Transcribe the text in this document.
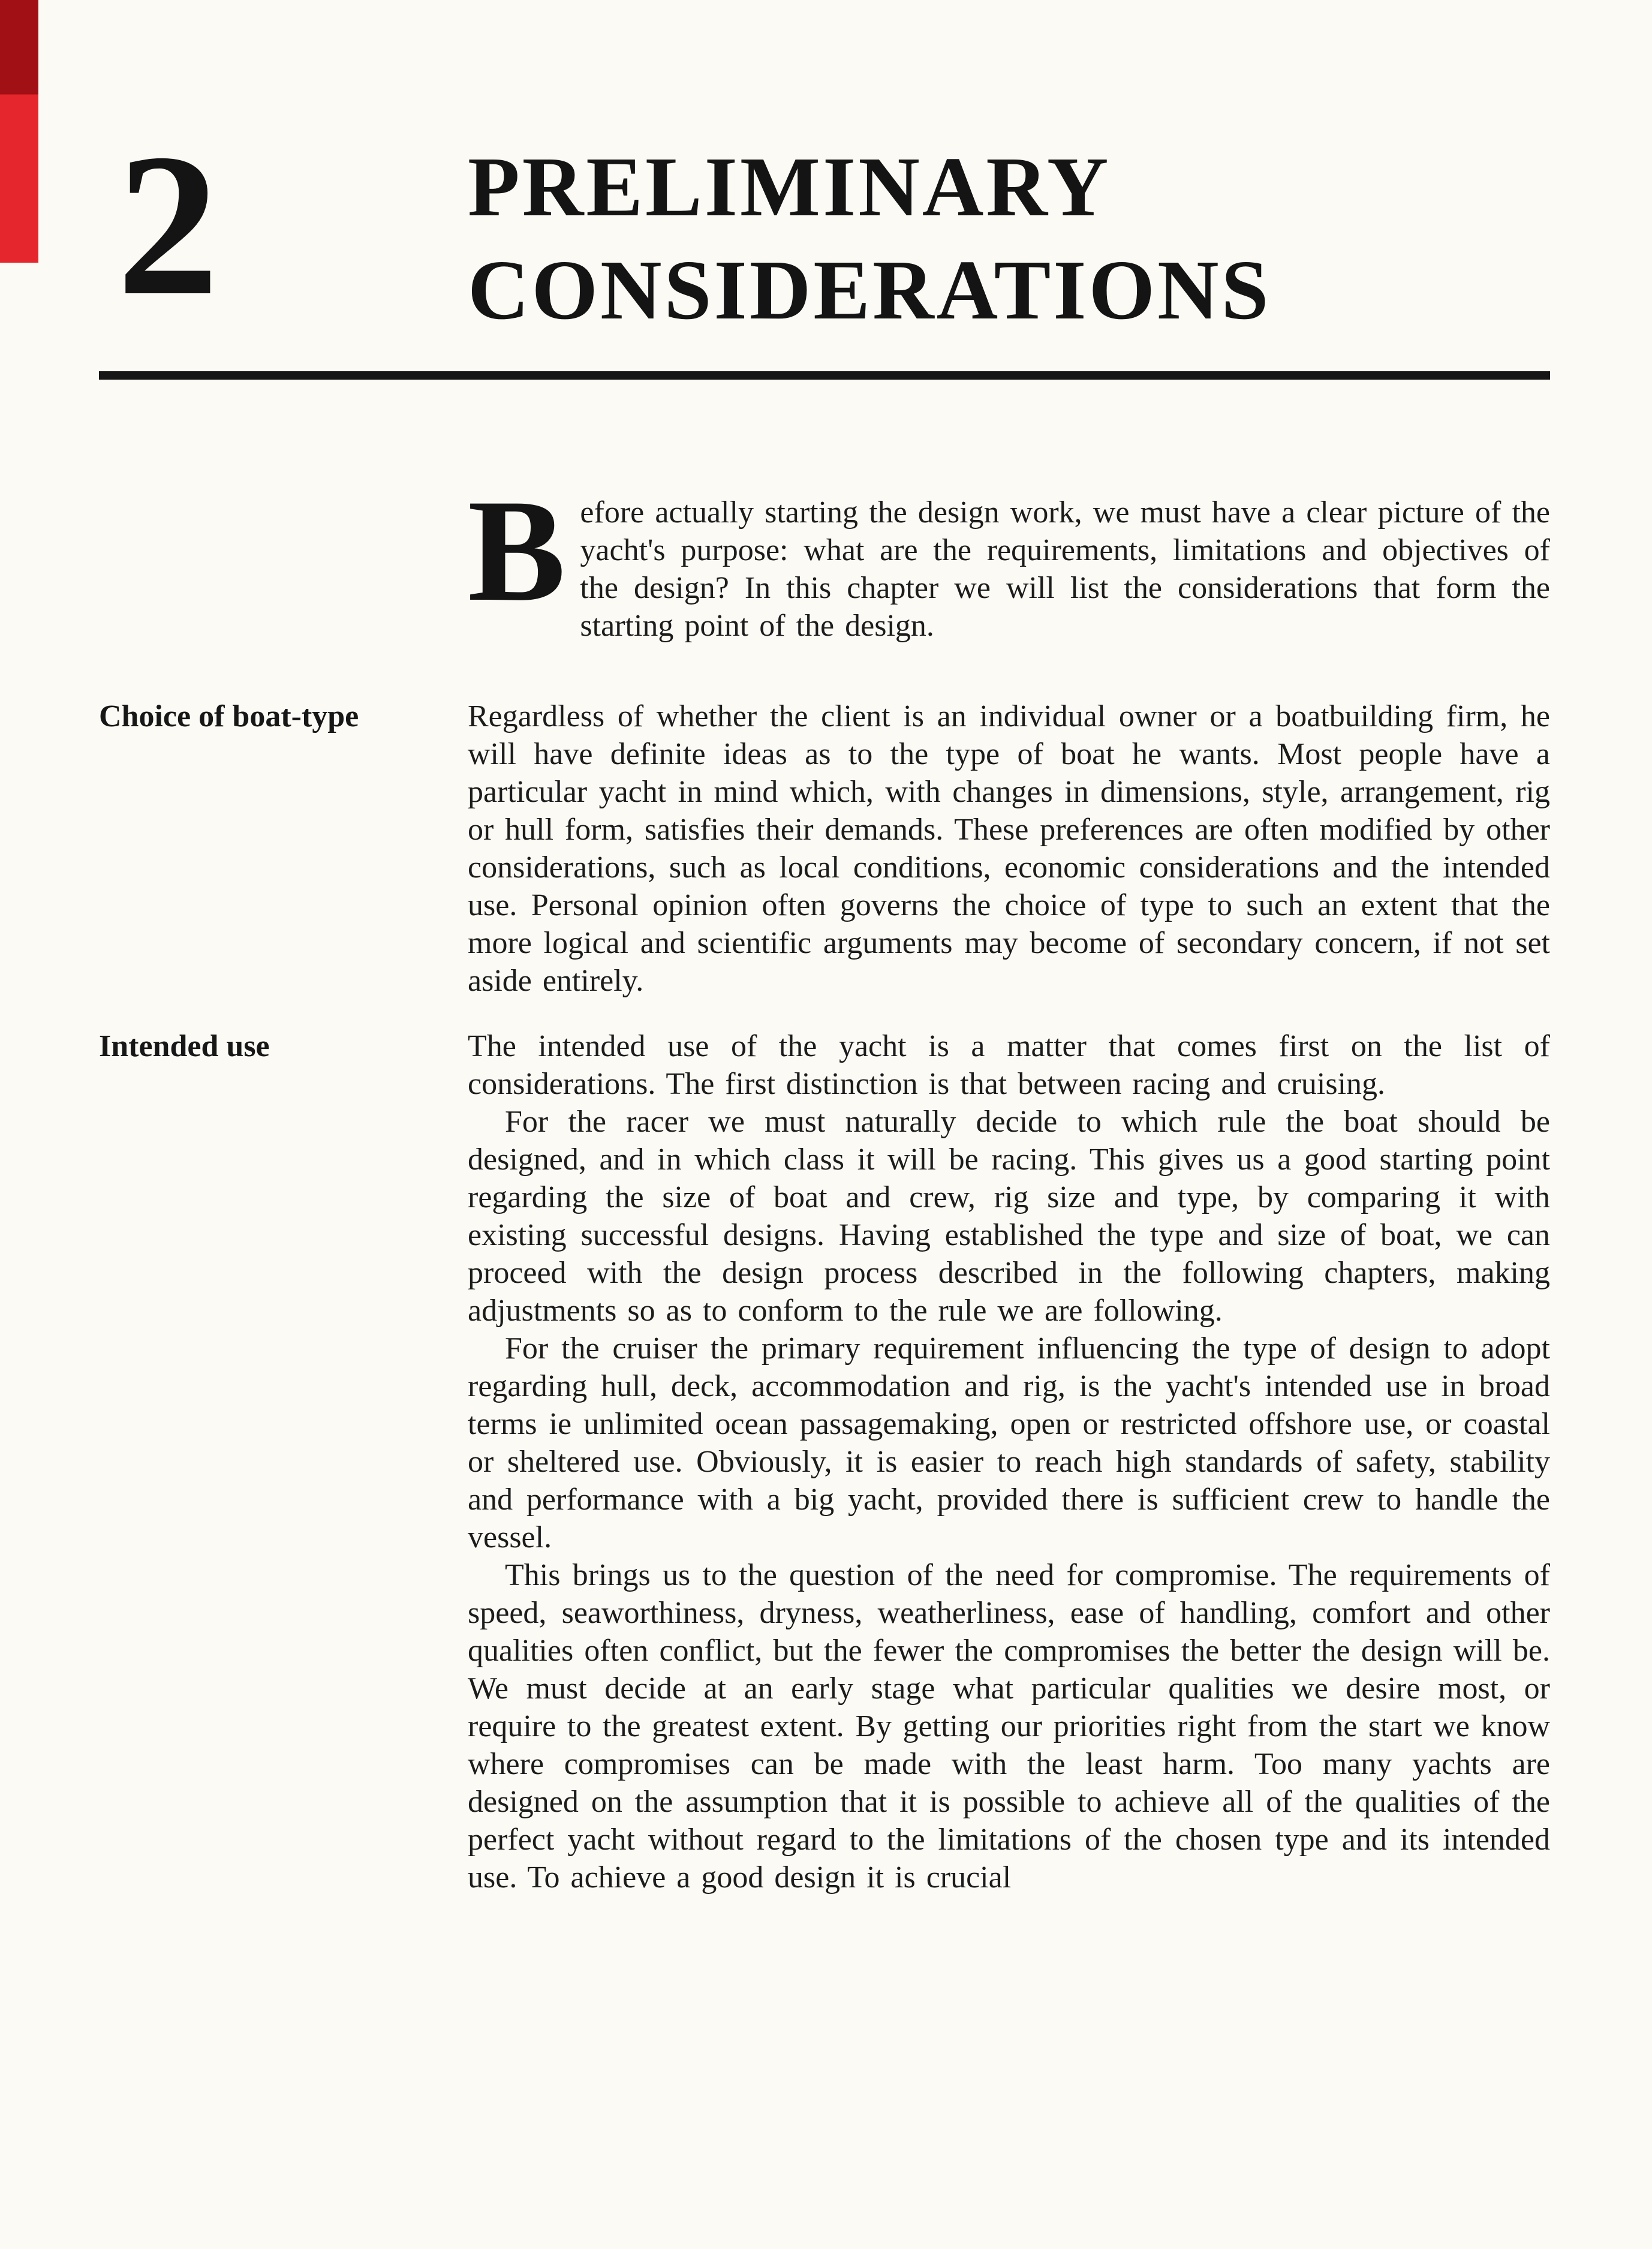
2	PRELIMINARY
CONSIDERATIONS

Before actually starting the design work, we must have a clear picture of the yacht's purpose: what are the requirements, limitations and objectives of the design? In this chapter we will list the considerations that form the starting point of the design.

Choice of boat-type	Regardless of whether the client is an individual owner or a boatbuilding firm, he will have definite ideas as to the type of boat he wants. Most people have a particular yacht in mind which, with changes in dimensions, style, arrangement, rig or hull form, satisfies their demands. These preferences are often modified by other considerations, such as local conditions, economic considerations and the intended use. Personal opinion often governs the choice of type to such an extent that the more logical and scientific arguments may become of secondary concern, if not set aside entirely.

Intended use	The intended use of the yacht is a matter that comes first on the list of considerations. The first distinction is that between racing and cruising.

For the racer we must naturally decide to which rule the boat should be designed, and in which class it will be racing. This gives us a good starting point regarding the size of boat and crew, rig size and type, by comparing it with existing successful designs. Having established the type and size of boat, we can proceed with the design process described in the following chapters, making adjustments so as to conform to the rule we are following.

For the cruiser the primary requirement influencing the type of design to adopt regarding hull, deck, accommodation and rig, is the yacht's intended use in broad terms ie unlimited ocean passagemaking, open or restricted offshore use, or coastal or sheltered use. Obviously, it is easier to reach high standards of safety, stability and performance with a big yacht, provided there is sufficient crew to handle the vessel.

This brings us to the question of the need for compromise. The requirements of speed, seaworthiness, dryness, weatherliness, ease of handling, comfort and other qualities often conflict, but the fewer the compromises the better the design will be. We must decide at an early stage what particular qualities we desire most, or require to the greatest extent. By getting our priorities right from the start we know where compromises can be made with the least harm. Too many yachts are designed on the assumption that it is possible to achieve all of the qualities of the perfect yacht without regard to the limitations of the chosen type and its intended use. To achieve a good design it is crucial
